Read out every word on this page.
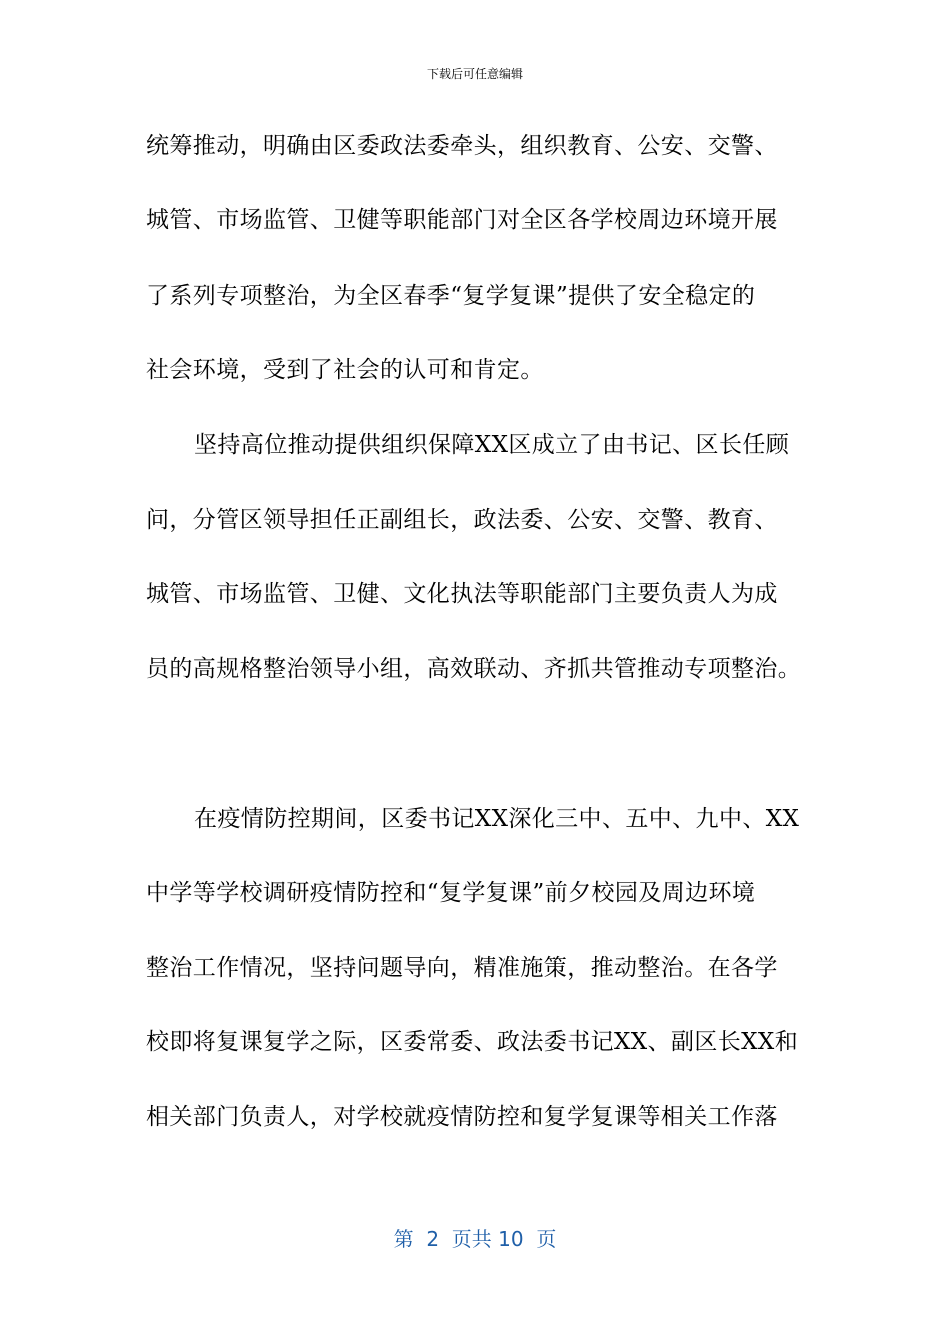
下载后可任意编辑
统筹推动，明确由区委政法委牵头，组织教育、公安、交警、
城管、市场监管、卫健等职能部门对全区各学校周边环境开展
了系列专项整治，为全区春季“复学复课”提供了安全稳定的
社会环境，受到了社会的认可和肯定。
坚持高位推动提供组织保障XX区成立了由书记、区长任顾
问，分管区领导担任正副组长，政法委、公安、交警、教育、
城管、市场监管、卫健、文化执法等职能部门主要负责人为成
员的高规格整治领导小组，高效联动、齐抓共管推动专项整治。
在疫情防控期间，区委书记XX深化三中、五中、九中、XX
中学等学校调研疫情防控和“复学复课”前夕校园及周边环境
整治工作情况，坚持问题导向，精准施策，推动整治。在各学
校即将复课复学之际，区委常委、政法委书记XX、副区长XX和
相关部门负责人，对学校就疫情防控和复学复课等相关工作落
第  2  页共 10  页
